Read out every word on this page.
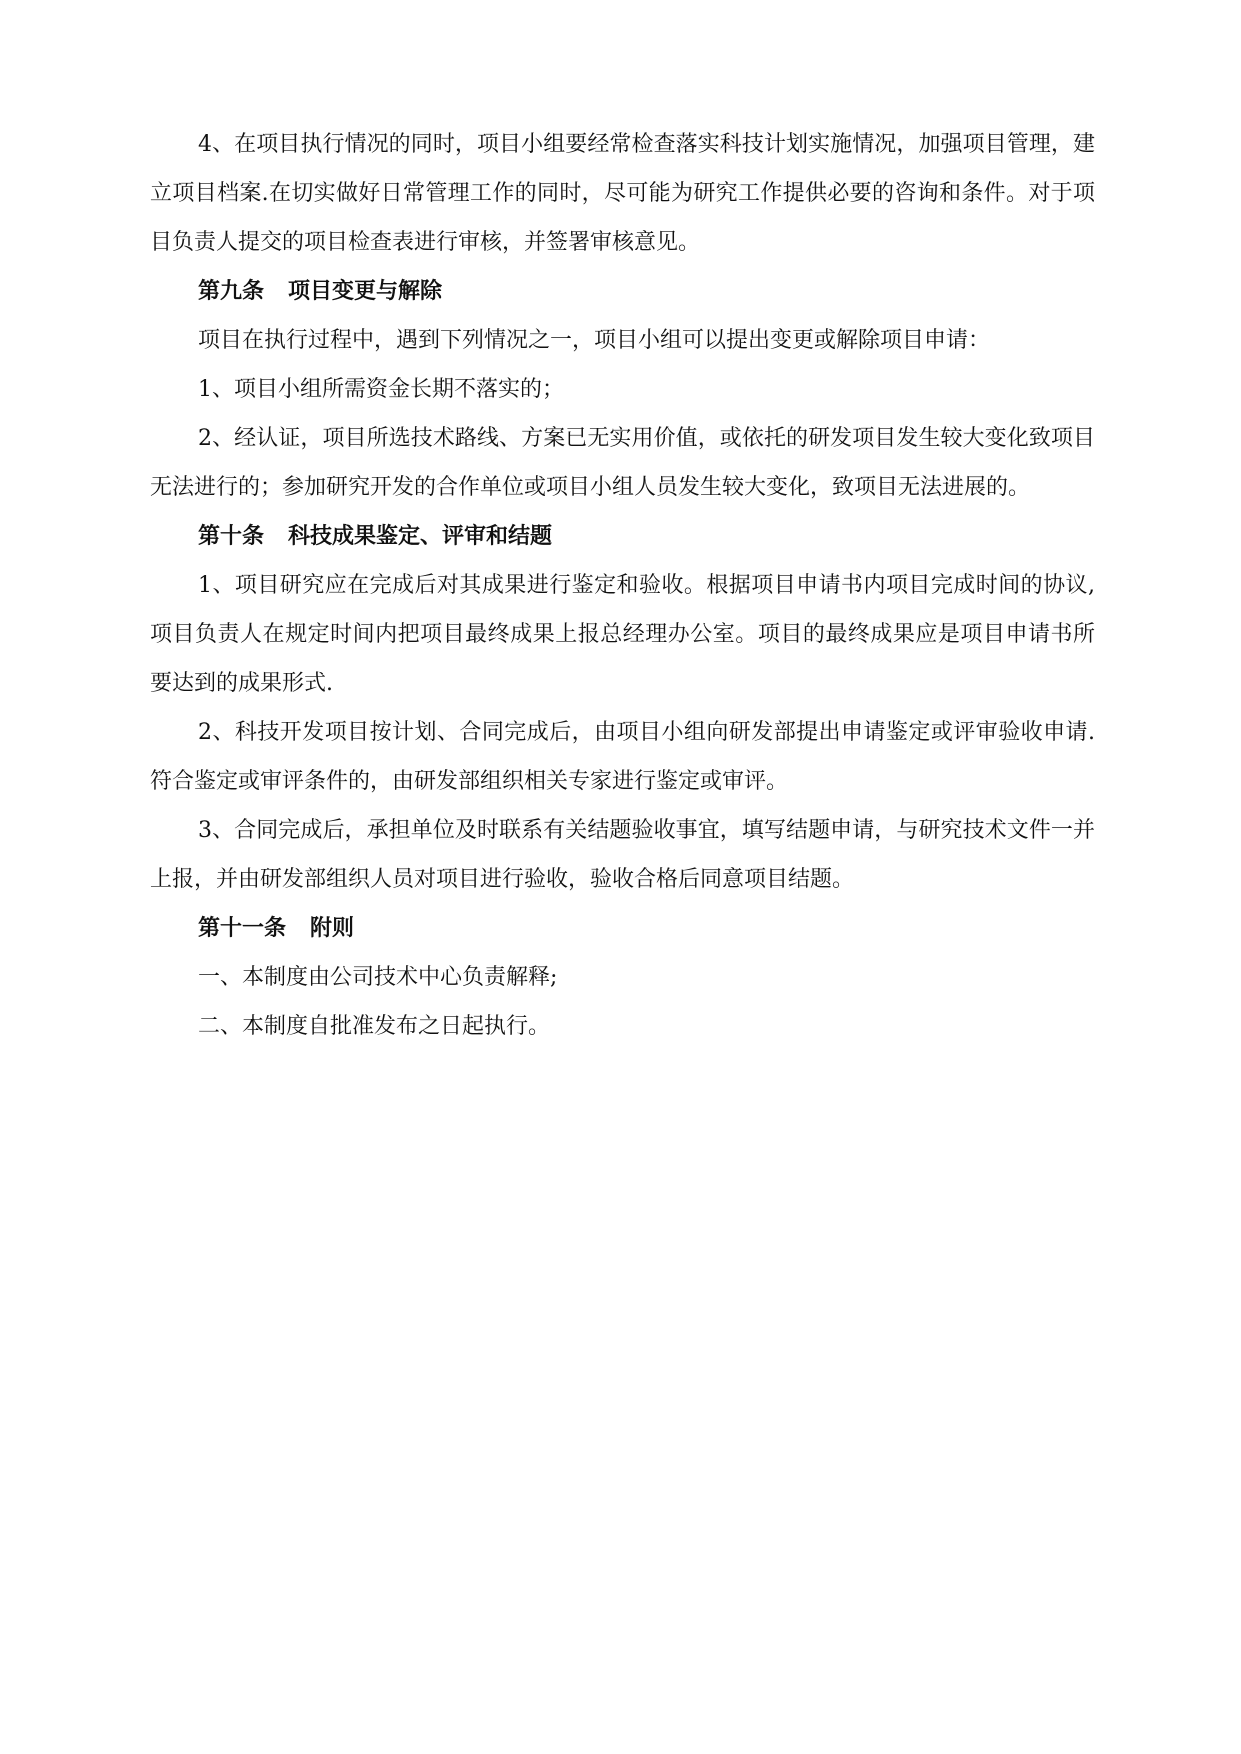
4、在项目执行情况的同时，项目小组要经常检查落实科技计划实施情况，加强项目管理，建立项目档案.在切实做好日常管理工作的同时，尽可能为研究工作提供必要的咨询和条件。对于项目负责人提交的项目检查表进行审核，并签署审核意见。

第九条 项目变更与解除

项目在执行过程中，遇到下列情况之一，项目小组可以提出变更或解除项目申请：

1、项目小组所需资金长期不落实的；

2、经认证，项目所选技术路线、方案已无实用价值，或依托的研发项目发生较大变化致项目无法进行的；参加研究开发的合作单位或项目小组人员发生较大变化，致项目无法进展的。

第十条 科技成果鉴定、评审和结题

1、项目研究应在完成后对其成果进行鉴定和验收。根据项目申请书内项目完成时间的协议,项目负责人在规定时间内把项目最终成果上报总经理办公室。项目的最终成果应是项目申请书所要达到的成果形式.

2、科技开发项目按计划、合同完成后，由项目小组向研发部提出申请鉴定或评审验收申请.符合鉴定或审评条件的，由研发部组织相关专家进行鉴定或审评。

3、合同完成后，承担单位及时联系有关结题验收事宜，填写结题申请，与研究技术文件一并上报，并由研发部组织人员对项目进行验收，验收合格后同意项目结题。

第十一条 附则

一、本制度由公司技术中心负责解释;

二、本制度自批准发布之日起执行。
